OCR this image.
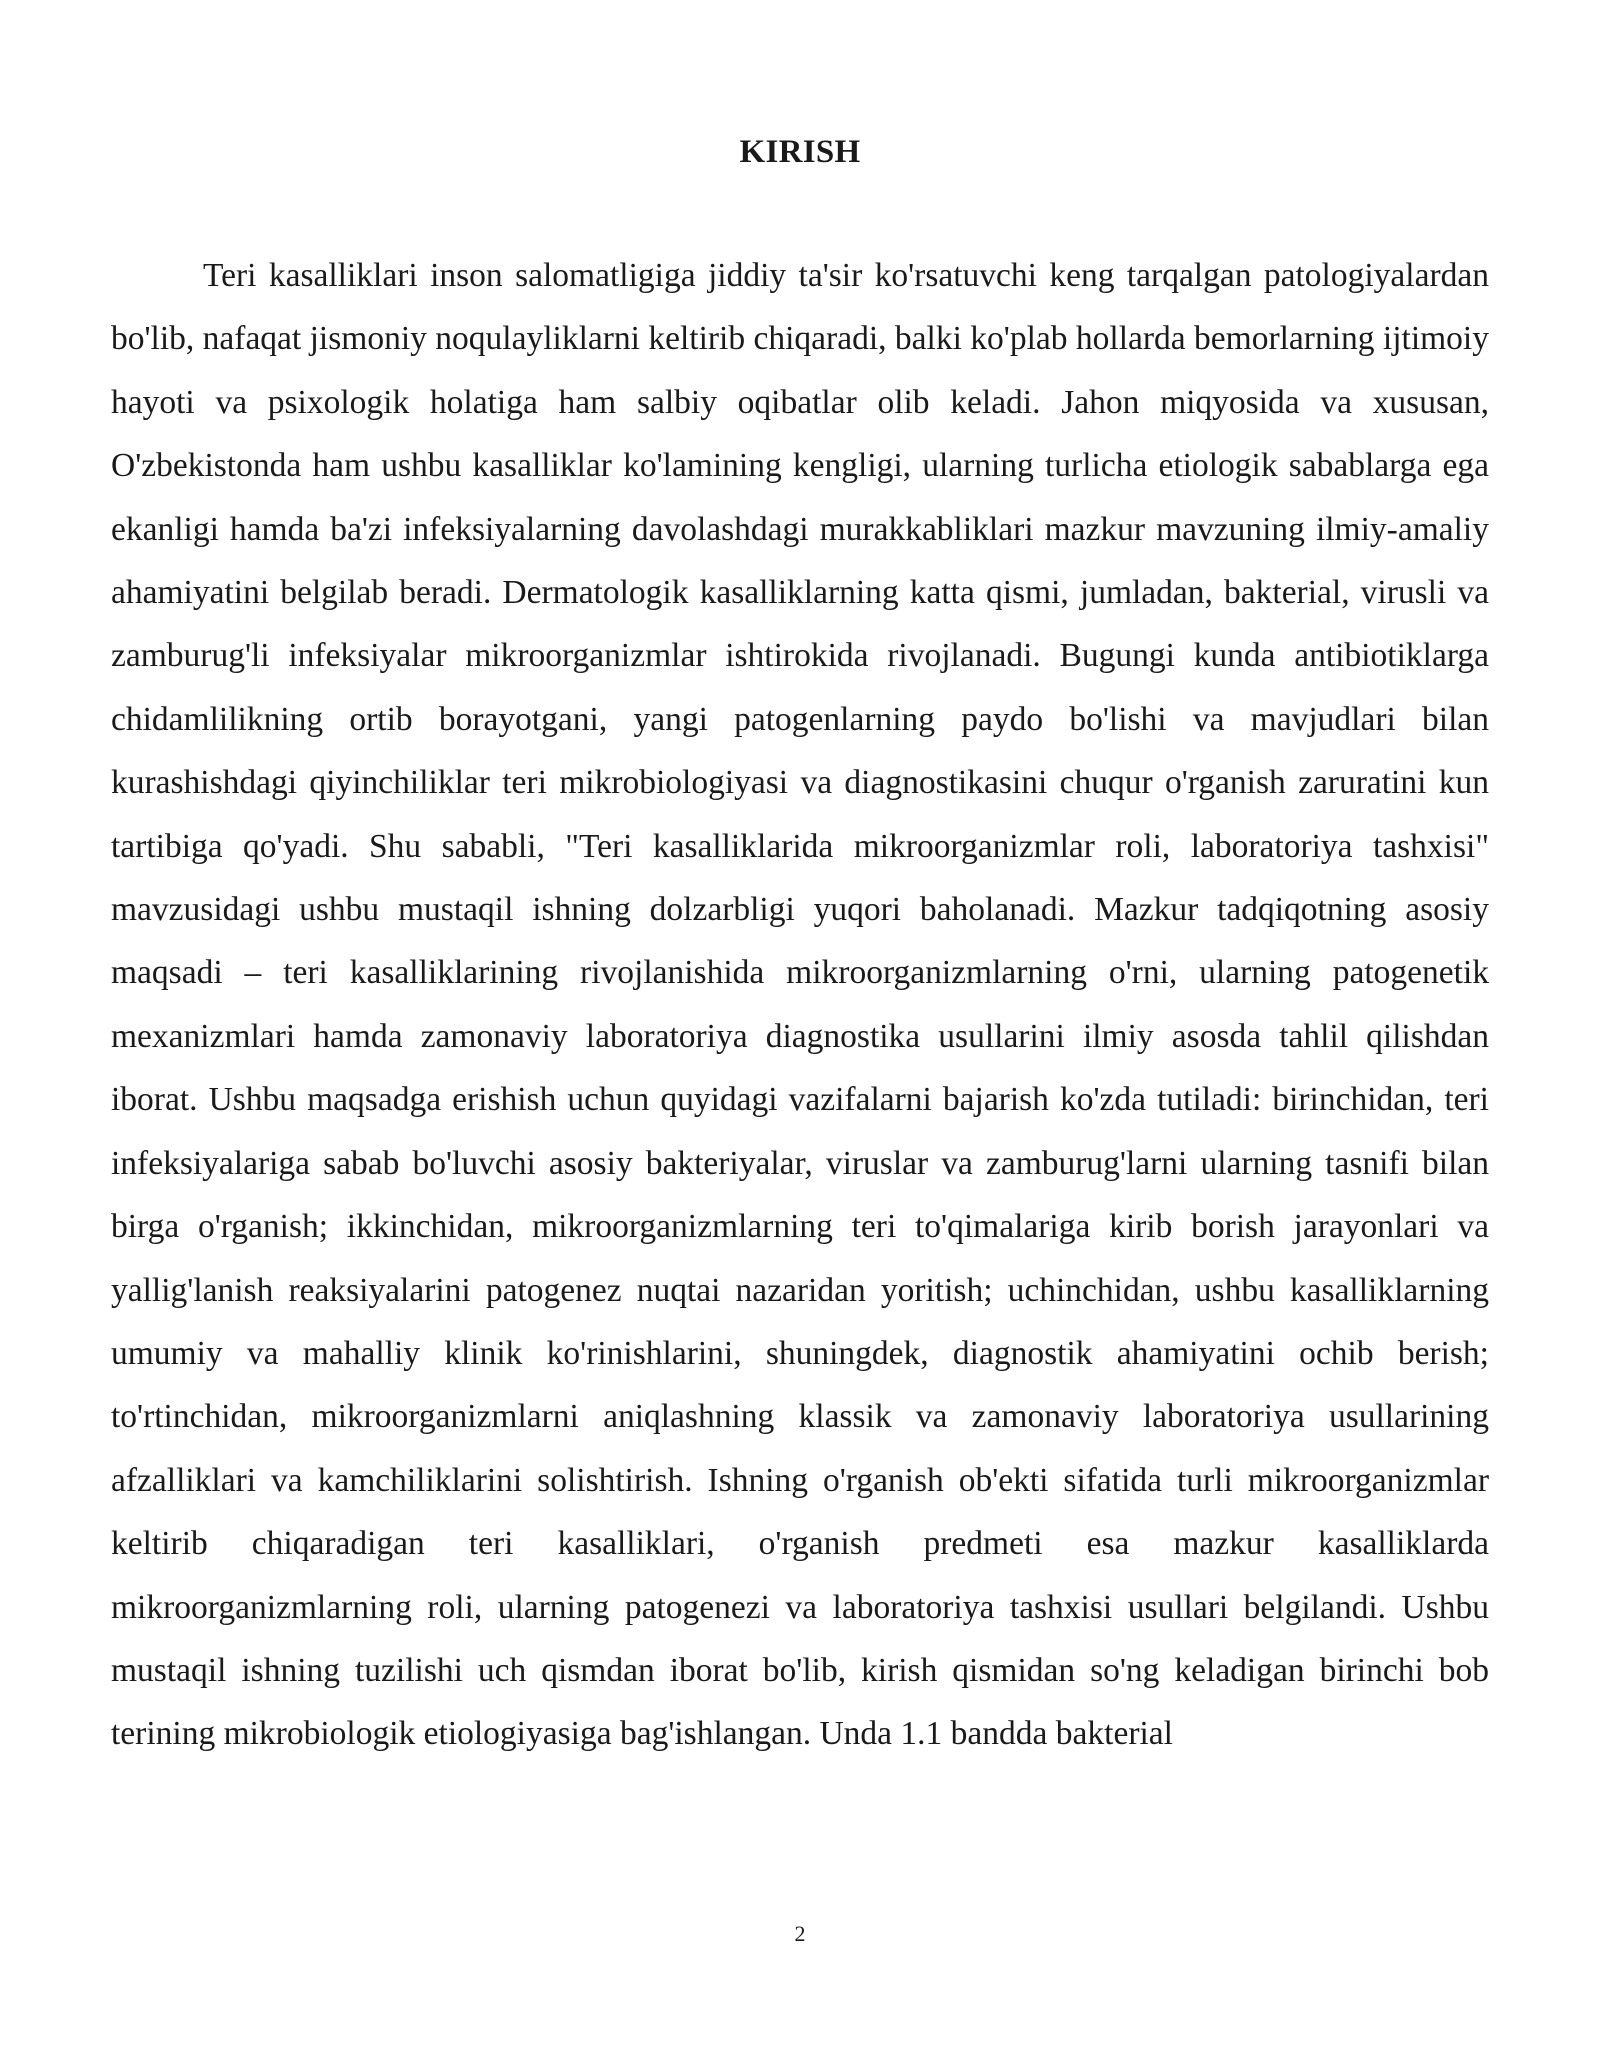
KIRISH

Teri kasalliklari inson salomatligiga jiddiy ta'sir ko'rsatuvchi keng tarqalgan patologiyalardan bo'lib, nafaqat jismoniy noqulayliklarni keltirib chiqaradi, balki ko'plab hollarda bemorlarning ijtimoiy hayoti va psixologik holatiga ham salbiy oqibatlar olib keladi. Jahon miqyosida va xususan, O'zbekistonda ham ushbu kasalliklar ko'lamining kengligi, ularning turlicha etiologik sabablarga ega ekanligi hamda ba'zi infeksiyalarning davolashdagi murakkabliklari mazkur mavzuning ilmiy-amaliy ahamiyatini belgilab beradi. Dermatologik kasalliklarning katta qismi, jumladan, bakterial, virusli va zamburug'li infeksiyalar mikroorganizmlar ishtirokida rivojlanadi. Bugungi kunda antibiotiklarga chidamlilikning ortib borayotgani, yangi patogenlarning paydo bo'lishi va mavjudlari bilan kurashishdagi qiyinchiliklar teri mikrobiologiyasi va diagnostikasini chuqur o'rganish zaruratini kun tartibiga qo'yadi. Shu sababli, "Teri kasalliklarida mikroorganizmlar roli, laboratoriya tashxisi" mavzusidagi ushbu mustaqil ishning dolzarbligi yuqori baholanadi. Mazkur tadqiqotning asosiy maqsadi – teri kasalliklarining rivojlanishida mikroorganizmlarning o'rni, ularning patogenetik mexanizmlari hamda zamonaviy laboratoriya diagnostika usullarini ilmiy asosda tahlil qilishdan iborat. Ushbu maqsadga erishish uchun quyidagi vazifalarni bajarish ko'zda tutiladi: birinchidan, teri infeksiyalariga sabab bo'luvchi asosiy bakteriyalar, viruslar va zamburug'larni ularning tasnifi bilan birga o'rganish; ikkinchidan, mikroorganizmlarning teri to'qimalariga kirib borish jarayonlari va yallig'lanish reaksiyalarini patogenez nuqtai nazaridan yoritish; uchinchidan, ushbu kasalliklarning umumiy va mahalliy klinik ko'rinishlarini, shuningdek, diagnostik ahamiyatini ochib berish; to'rtinchidan, mikroorganizmlarni aniqlashning klassik va zamonaviy laboratoriya usullarining afzalliklari va kamchiliklarini solishtirish. Ishning o'rganish ob'ekti sifatida turli mikroorganizmlar keltirib chiqaradigan teri kasalliklari, o'rganish predmeti esa mazkur kasalliklarda mikroorganizmlarning roli, ularning patogenezi va laboratoriya tashxisi usullari belgilandi. Ushbu mustaqil ishning tuzilishi uch qismdan iborat bo'lib, kirish qismidan so'ng keladigan birinchi bob terining mikrobiologik etiologiyasiga bag'ishlangan. Unda 1.1 bandda bakterial

2
